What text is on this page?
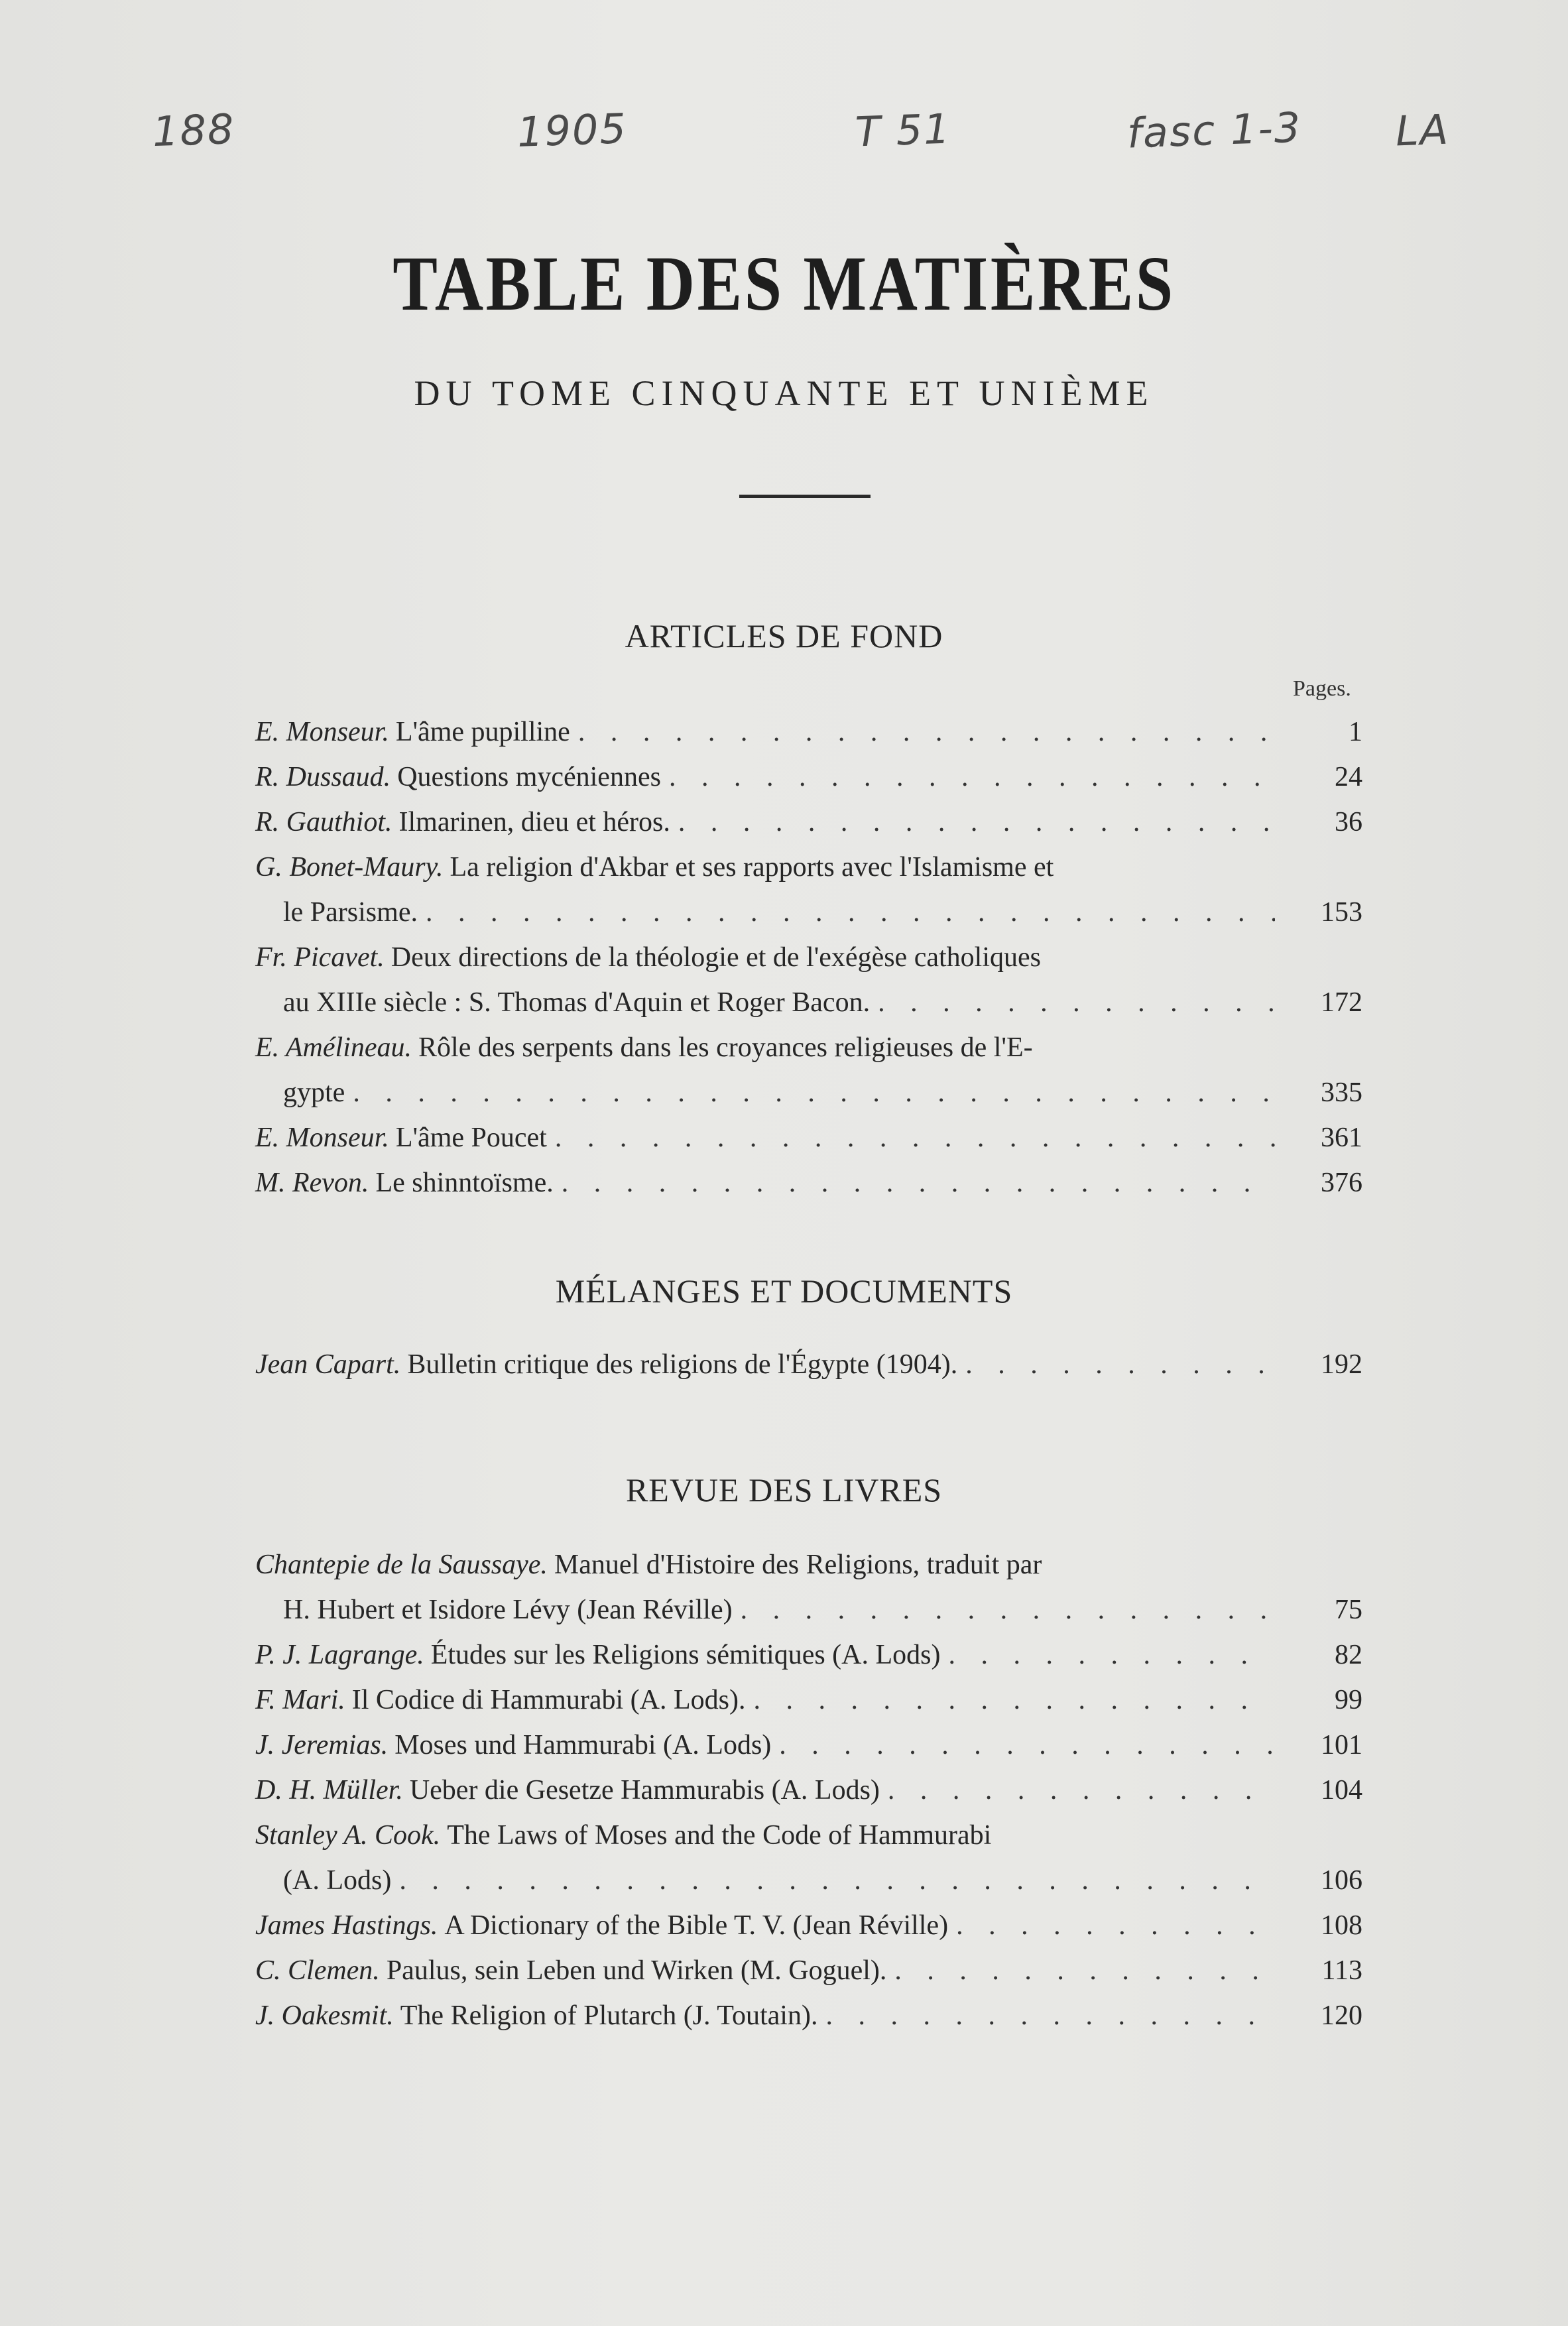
188	1905	T 51	fasc 1-3 LA
TABLE DES MATIÈRES
DU TOME CINQUANTE ET UNIÈME
ARTICLES DE FOND
Pages.
E. Monseur. L'âme pupilline . . .	1
R. Dussaud. Questions mycéniennes . . .	24
R. Gauthiot. Ilmarinen, dieu et héros. . . .	36
G. Bonet-Maury. La religion d'Akbar et ses rapports avec l'Islamisme et
le Parsisme. . . .	153
Fr. Picavet. Deux directions de la théologie et de l'exégèse catholiques
au XIIIe siècle : S. Thomas d'Aquin et Roger Bacon. . . .	172
E. Amélineau. Rôle des serpents dans les croyances religieuses de l'E-
gypte . . .	335
E. Monseur. L'âme Poucet . . .	361
M. Revon. Le shinntoïsme. . . .	376
MÉLANGES ET DOCUMENTS
Jean Capart. Bulletin critique des religions de l'Égypte (1904). . . .	192
REVUE DES LIVRES
Chantepie de la Saussaye. Manuel d'Histoire des Religions, traduit par
H. Hubert et Isidore Lévy (Jean Réville) . . .	75
P. J. Lagrange. Études sur les Religions sémitiques (A. Lods) . . .	82
F. Mari. Il Codice di Hammurabi (A. Lods). . . .	99
J. Jeremias. Moses und Hammurabi (A. Lods) . . .	101
D. H. Müller. Ueber die Gesetze Hammurabis (A. Lods) . . .	104
Stanley A. Cook. The Laws of Moses and the Code of Hammurabi
(A. Lods) . . .	106
James Hastings. A Dictionary of the Bible T. V. (Jean Réville) . . .	108
C. Clemen. Paulus, sein Leben und Wirken (M. Goguel). . . .	113
J. Oakesmit. The Religion of Plutarch (J. Toutain). . . .	120
